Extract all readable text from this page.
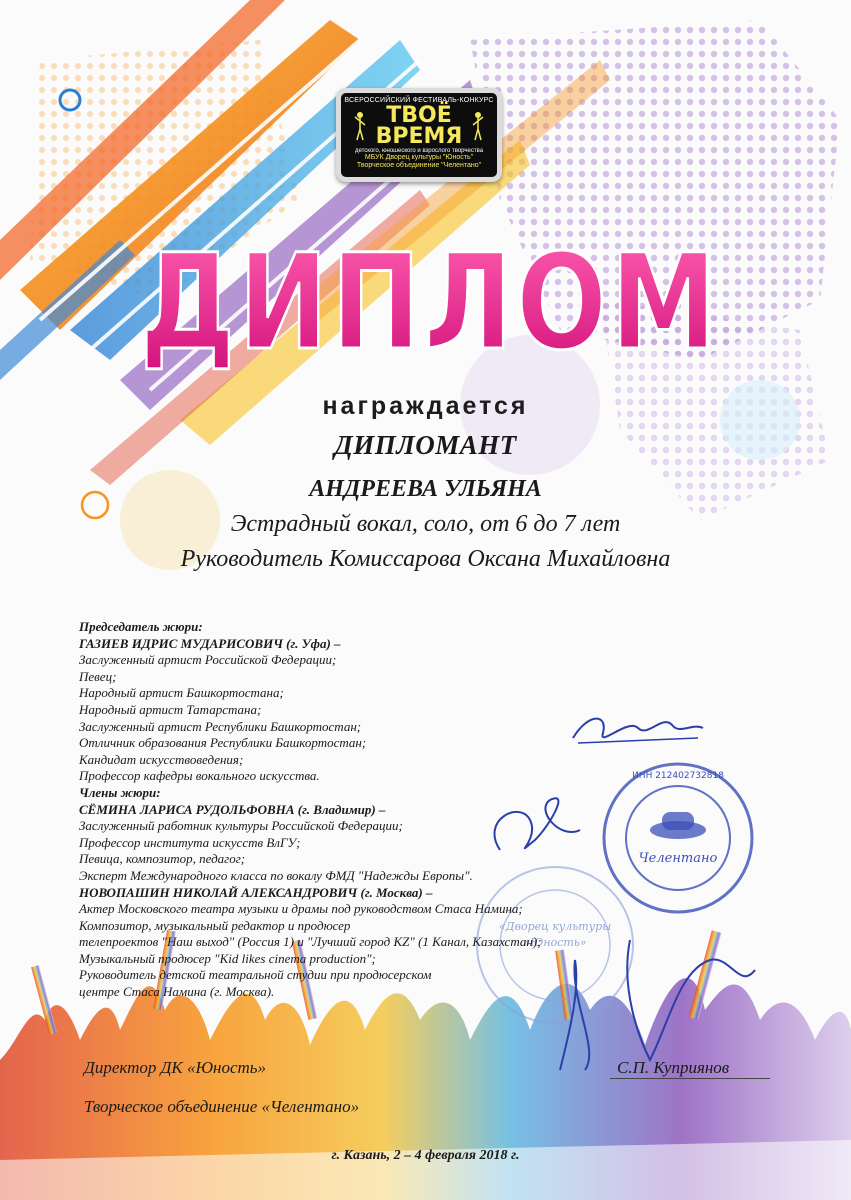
ВСЕРОССИЙСКИЙ ФЕСТИВАЛЬ-КОНКУРС
ТВОЁ
ВРЕМЯ
детского, юношеского и взрослого творчества
МБУК Дворец культуры "Юность"
Творческое объединение "Челентано"
ДИПЛОМ
награждается
ДИПЛОМАНТ
АНДРЕЕВА УЛЬЯНА
Эстрадный вокал, соло, от 6 до 7 лет
Руководитель Комиссарова Оксана Михайловна
Челентано
ИНН 212402732818
«Дворец культуры
«Юность»
Председатель жюри:
ГАЗИЕВ ИДРИС МУДАРИСОВИЧ (г. Уфа) –
Заслуженный артист Российской Федерации;
Певец;
Народный артист Башкортостана;
Народный артист Татарстана;
Заслуженный артист Республики Башкортостан;
Отличник образования Республики Башкортостан;
Кандидат искусствоведения;
Профессор кафедры вокального искусства.
Члены жюри:
СЁМИНА ЛАРИСА РУДОЛЬФОВНА (г. Владимир) –
Заслуженный работник культуры Российской Федерации;
Профессор института искусств ВлГУ;
Певица, композитор, педагог;
Эксперт Международного класса по вокалу ФМД "Надежды Европы".
НОВОПАШИН НИКОЛАЙ АЛЕКСАНДРОВИЧ (г. Москва) –
Актер Московского театра музыки и драмы под руководством Стаса Намина;
Композитор, музыкальный редактор и продюсер
телепроектов "Наш выход" (Россия 1) и "Лучший город KZ" (1 Канал, Казахстан);
Музыкальный продюсер "Kid likes cinema production";
Руководитель детской театральной студии при продюсерском
центре Стаса Намина (г. Москва).
Директор ДК «Юность»	С.П. Куприянов
Творческое объединение «Челентано»
г. Казань, 2 – 4 февраля 2018 г.
